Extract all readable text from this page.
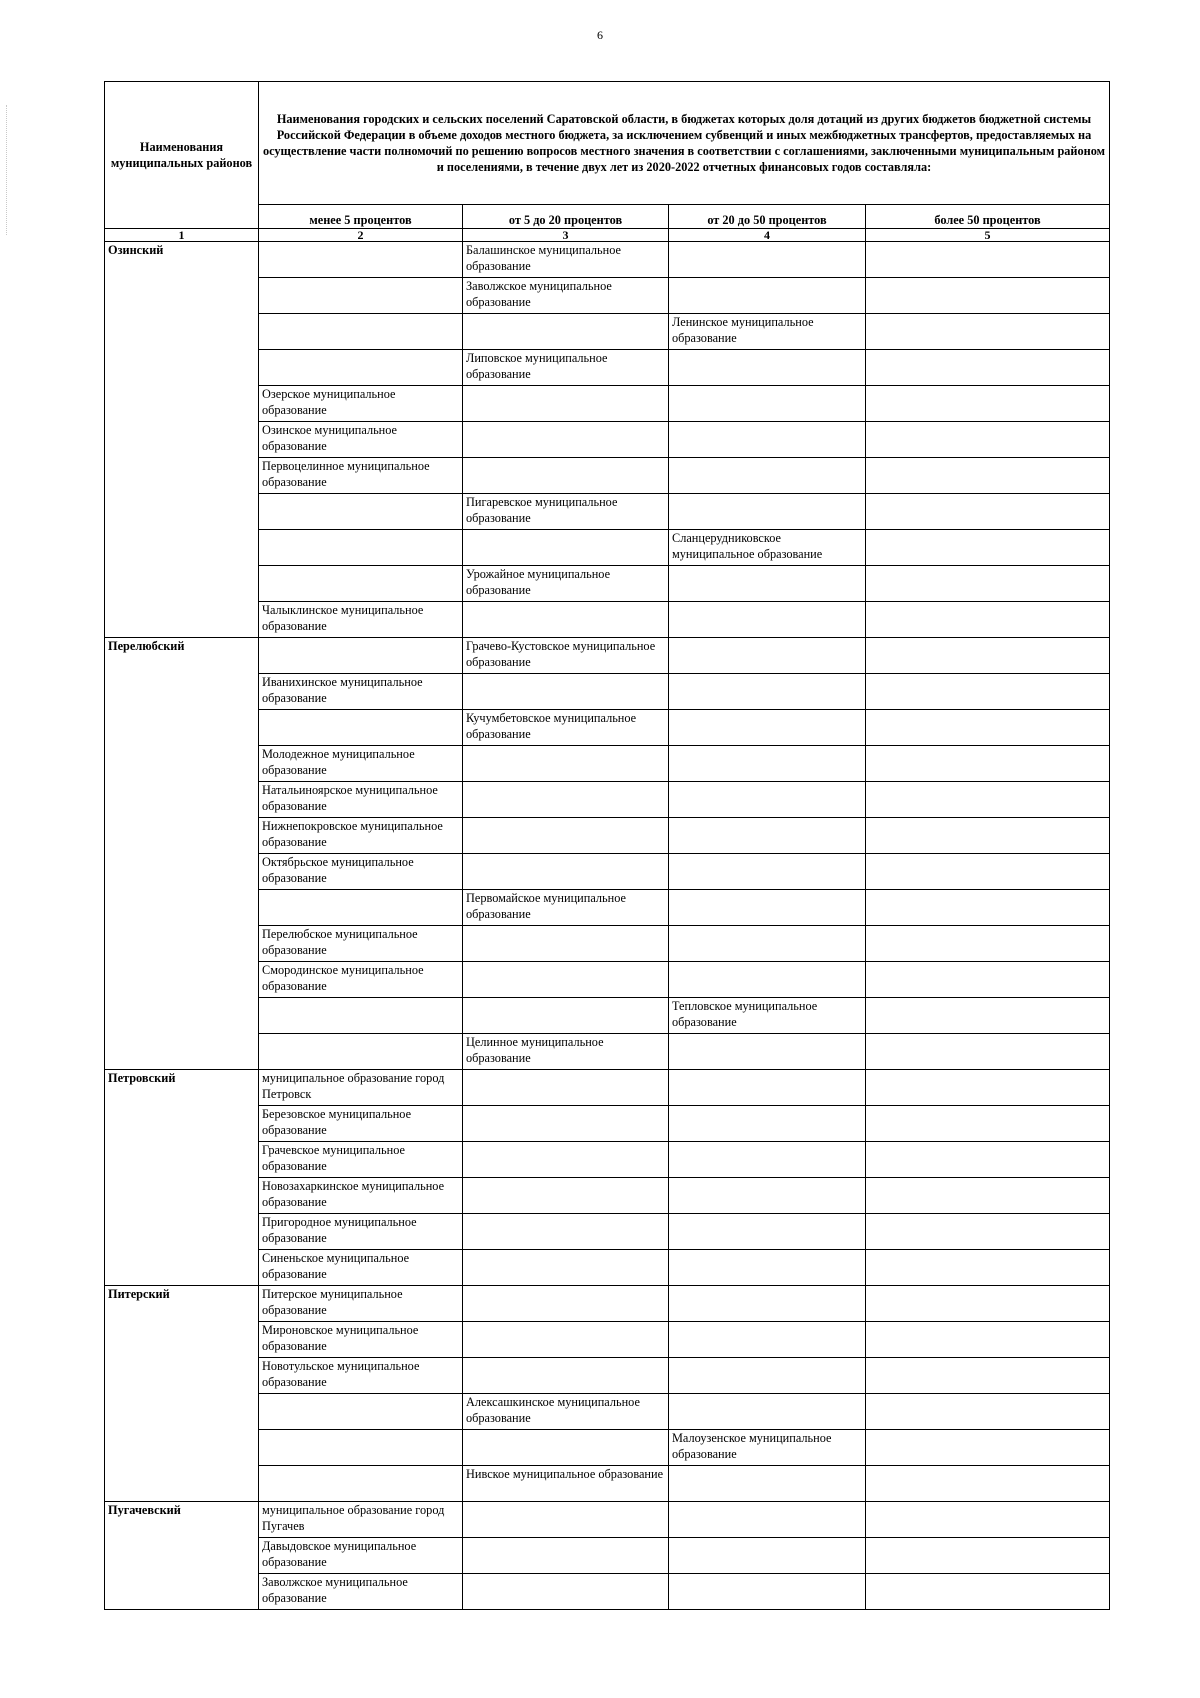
6
Наименования муниципальных районов	Наименования городских и сельских поселений Саратовской области, в бюджетах которых доля дотаций из других бюджетов бюджетной системы Российской Федерации в объеме доходов местного бюджета, за исключением субвенций и иных межбюджетных трансфертов, предоставляемых на осуществление части полномочий по решению вопросов местного значения в соответствии с соглашениями, заключенными муниципальным районом и поселениями, в течение двух лет из 2020-2022 отчетных финансовых годов составляла:			
	менее 5 процентов	от 5 до 20 процентов	от 20 до 50 процентов	более 50 процентов
1	2	3	4	5
Озинский		Балашинское муниципальное образование		
		Заволжское муниципальное образование		
			Ленинское муниципальное образование	
		Липовское муниципальное образование		
	Озерское муниципальное образование			
	Озинское муниципальное образование			
	Первоцелинное муниципальное образование			
		Пигаревское муниципальное образование		
			Сланцерудниковское муниципальное образование	
		Урожайное муниципальное образование		
	Чалыклинское муниципальное образование			
Перелюбский		Грачево-Кустовское муниципальное образование		
	Иванихинское муниципальное образование			
		Кучумбетовское муниципальное образование		
	Молодежное муниципальное образование			
	Натальиноярское муниципальное образование			
	Нижнепокровское муниципальное образование			
	Октябрьское муниципальное образование			
		Первомайское муниципальное образование		
	Перелюбское муниципальное образование			
	Смородинское муниципальное образование			
			Тепловское муниципальное образование	
		Целинное муниципальное образование		
Петровский	муниципальное образование город Петровск			
	Березовское муниципальное образование			
	Грачевское муниципальное образование			
	Новозахаркинское муниципальное образование			
	Пригородное муниципальное образование			
	Синеньское муниципальное образование			
Питерский	Питерское муниципальное образование			
	Мироновское муниципальное образование			
	Новотульское муниципальное образование			
		Алексашкинское муниципальное образование		
			Малоузенское муниципальное образование	
		Нивское муниципальное образование		
Пугачевский	муниципальное образование город Пугачев			
	Давыдовское муниципальное образование			
	Заволжское муниципальное образование			
